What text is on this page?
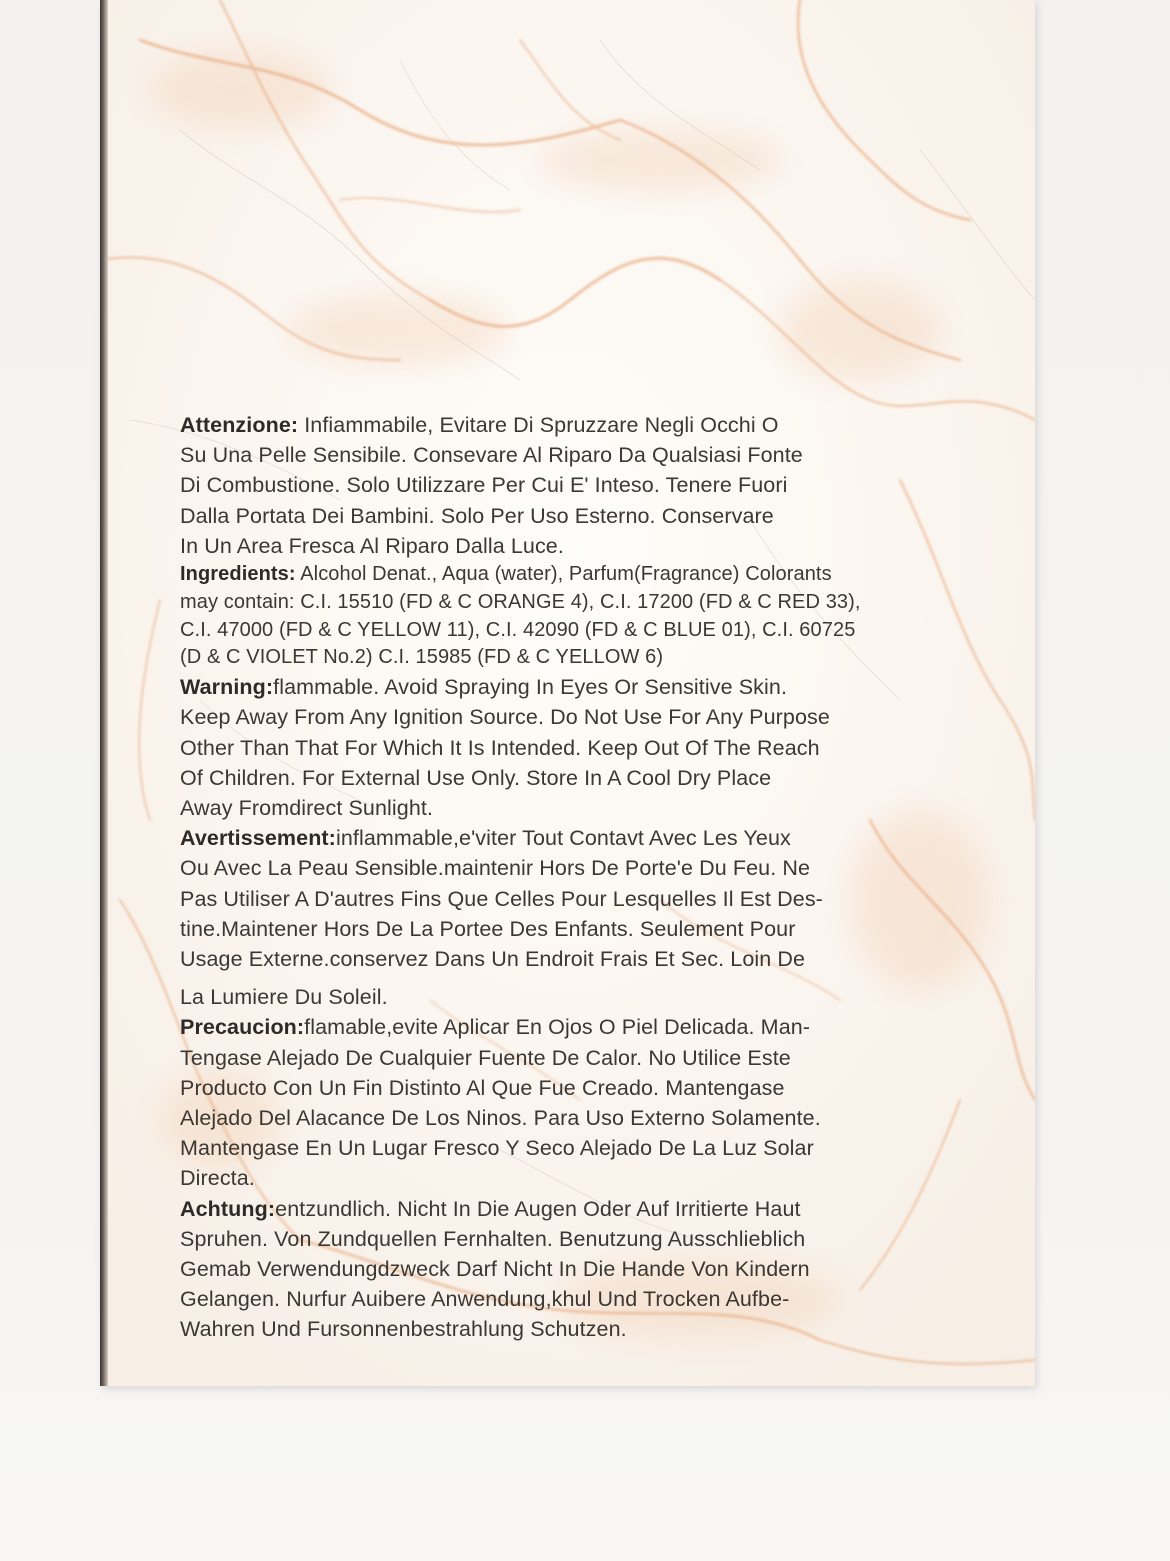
Attenzione: Infiammabile, Evitare Di Spruzzare Negli Occhi O
Su Una Pelle Sensibile. Consevare Al Riparo Da Qualsiasi Fonte
Di Combustione. Solo Utilizzare Per Cui E' Inteso. Tenere Fuori
Dalla Portata Dei Bambini. Solo Per Uso Esterno. Conservare
In Un Area Fresca Al Riparo Dalla Luce.

Ingredients: Alcohol Denat., Aqua (water), Parfum(Fragrance) Colorants
may contain: C.I. 15510 (FD & C ORANGE 4), C.I. 17200 (FD & C RED 33),
C.I. 47000 (FD & C YELLOW 11), C.I. 42090 (FD & C BLUE 01), C.I. 60725
(D & C VIOLET No.2) C.I. 15985 (FD & C YELLOW 6)

Warning:flammable. Avoid Spraying In Eyes Or Sensitive Skin.
Keep Away From Any Ignition Source. Do Not Use For Any Purpose
Other Than That For Which It Is Intended. Keep Out Of The Reach
Of Children. For External Use Only. Store In A Cool Dry Place
Away Fromdirect Sunlight.

Avertissement:inflammable,e'viter Tout Contavt Avec Les Yeux
Ou Avec La Peau Sensible.maintenir Hors De Porte'e Du Feu. Ne
Pas Utiliser A D'autres Fins Que Celles Pour Lesquelles Il Est Des-
tine.Maintener Hors De La Portee Des Enfants. Seulement Pour
Usage Externe.conservez Dans Un Endroit Frais Et Sec. Loin De
La Lumiere Du Soleil.

Precaucion:flamable,evite Aplicar En Ojos O Piel Delicada. Man-
Tengase Alejado De Cualquier Fuente De Calor. No Utilice Este
Producto Con Un Fin Distinto Al Que Fue Creado. Mantengase
Alejado Del Alacance De Los Ninos. Para Uso Externo Solamente.
Mantengase En Un Lugar Fresco Y Seco Alejado De La Luz Solar
Directa.

Achtung:entzundlich. Nicht In Die Augen Oder Auf Irritierte Haut
Spruhen. Von Zundquellen Fernhalten. Benutzung Ausschlieblich
Gemab Verwendungdzweck Darf Nicht In Die Hande Von Kindern
Gelangen. Nurfur Auibere Anwendung,khul Und Trocken Aufbe-
Wahren Und Fursonnenbestrahlung Schutzen.
